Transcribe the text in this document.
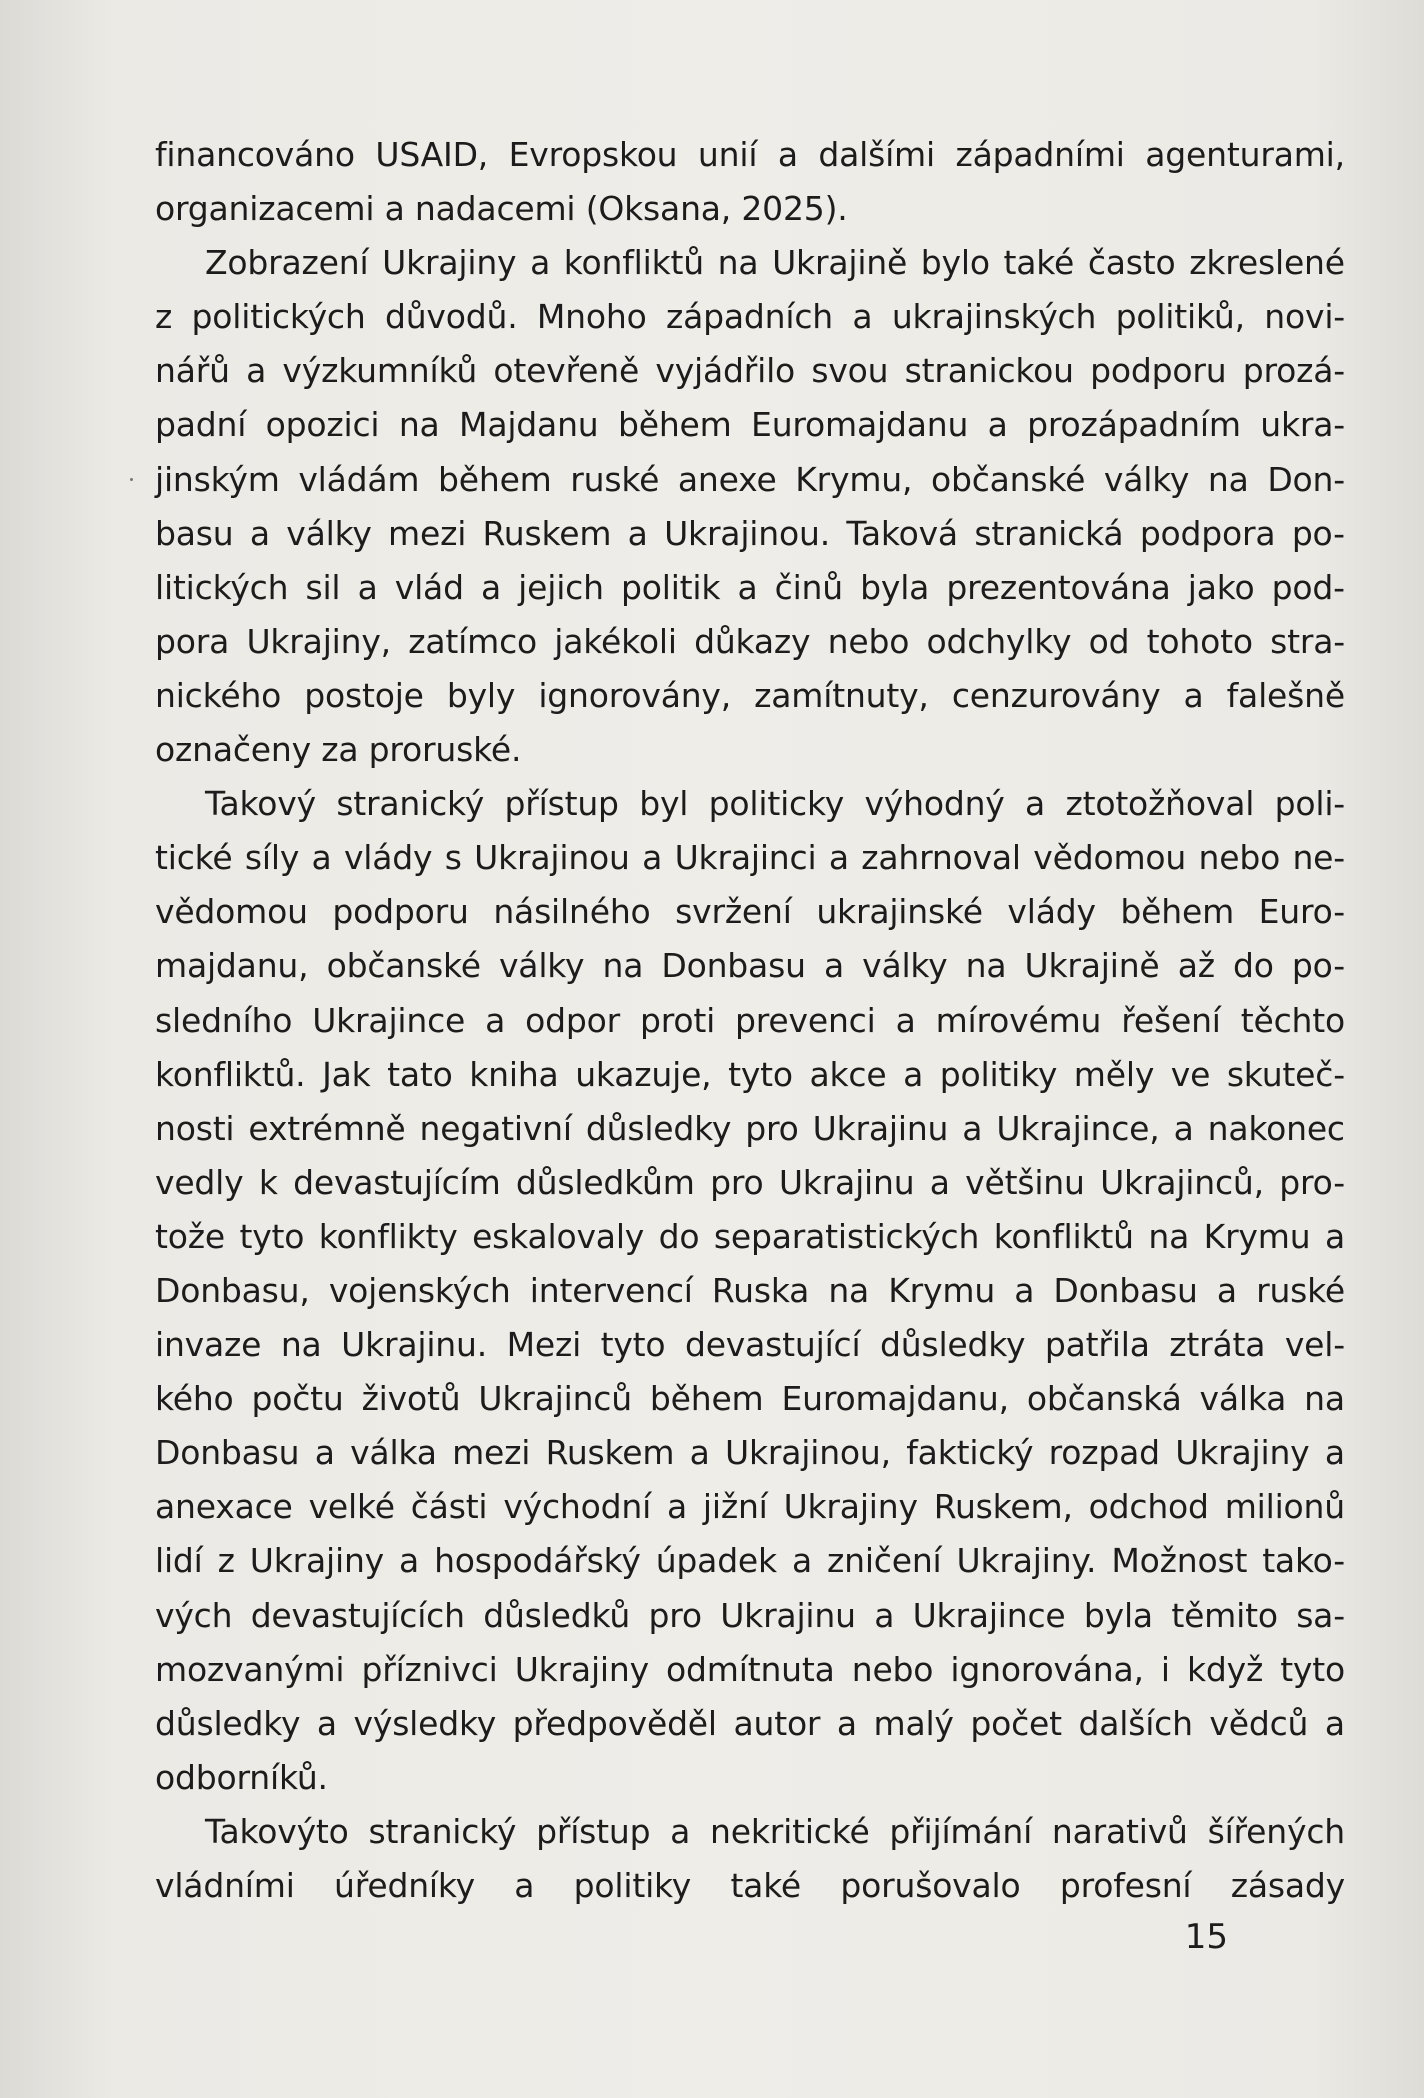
financováno USAID, Evropskou unií a dalšími západními agenturami,
organizacemi a nadacemi (Oksana, 2025).
Zobrazení Ukrajiny a konfliktů na Ukrajině bylo také často zkreslené
z politických důvodů. Mnoho západních a ukrajinských politiků, novi-
nářů a výzkumníků otevřeně vyjádřilo svou stranickou podporu prozá-
padní opozici na Majdanu během Euromajdanu a prozápadním ukra-
jinským vládám během ruské anexe Krymu, občanské války na Don-
basu a války mezi Ruskem a Ukrajinou. Taková stranická podpora po-
litických sil a vlád a jejich politik a činů byla prezentována jako pod-
pora Ukrajiny, zatímco jakékoli důkazy nebo odchylky od tohoto stra-
nického postoje byly ignorovány, zamítnuty, cenzurovány a falešně
označeny za proruské.
Takový stranický přístup byl politicky výhodný a ztotožňoval poli-
tické síly a vlády s Ukrajinou a Ukrajinci a zahrnoval vědomou nebo ne-
vědomou podporu násilného svržení ukrajinské vlády během Euro-
majdanu, občanské války na Donbasu a války na Ukrajině až do po-
sledního Ukrajince a odpor proti prevenci a mírovému řešení těchto
konfliktů. Jak tato kniha ukazuje, tyto akce a politiky měly ve skuteč-
nosti extrémně negativní důsledky pro Ukrajinu a Ukrajince, a nakonec
vedly k devastujícím důsledkům pro Ukrajinu a většinu Ukrajinců, pro-
tože tyto konflikty eskalovaly do separatistických konfliktů na Krymu a
Donbasu, vojenských intervencí Ruska na Krymu a Donbasu a ruské
invaze na Ukrajinu. Mezi tyto devastující důsledky patřila ztráta vel-
kého počtu životů Ukrajinců během Euromajdanu, občanská válka na
Donbasu a válka mezi Ruskem a Ukrajinou, faktický rozpad Ukrajiny a
anexace velké části východní a jižní Ukrajiny Ruskem, odchod milionů
lidí z Ukrajiny a hospodářský úpadek a zničení Ukrajiny. Možnost tako-
vých devastujících důsledků pro Ukrajinu a Ukrajince byla těmito sa-
mozvanými příznivci Ukrajiny odmítnuta nebo ignorována, i když tyto
důsledky a výsledky předpověděl autor a malý počet dalších vědců a
odborníků.
Takovýto stranický přístup a nekritické přijímání narativů šířených
vládními úředníky a politiky také porušovalo profesní zásady
15
